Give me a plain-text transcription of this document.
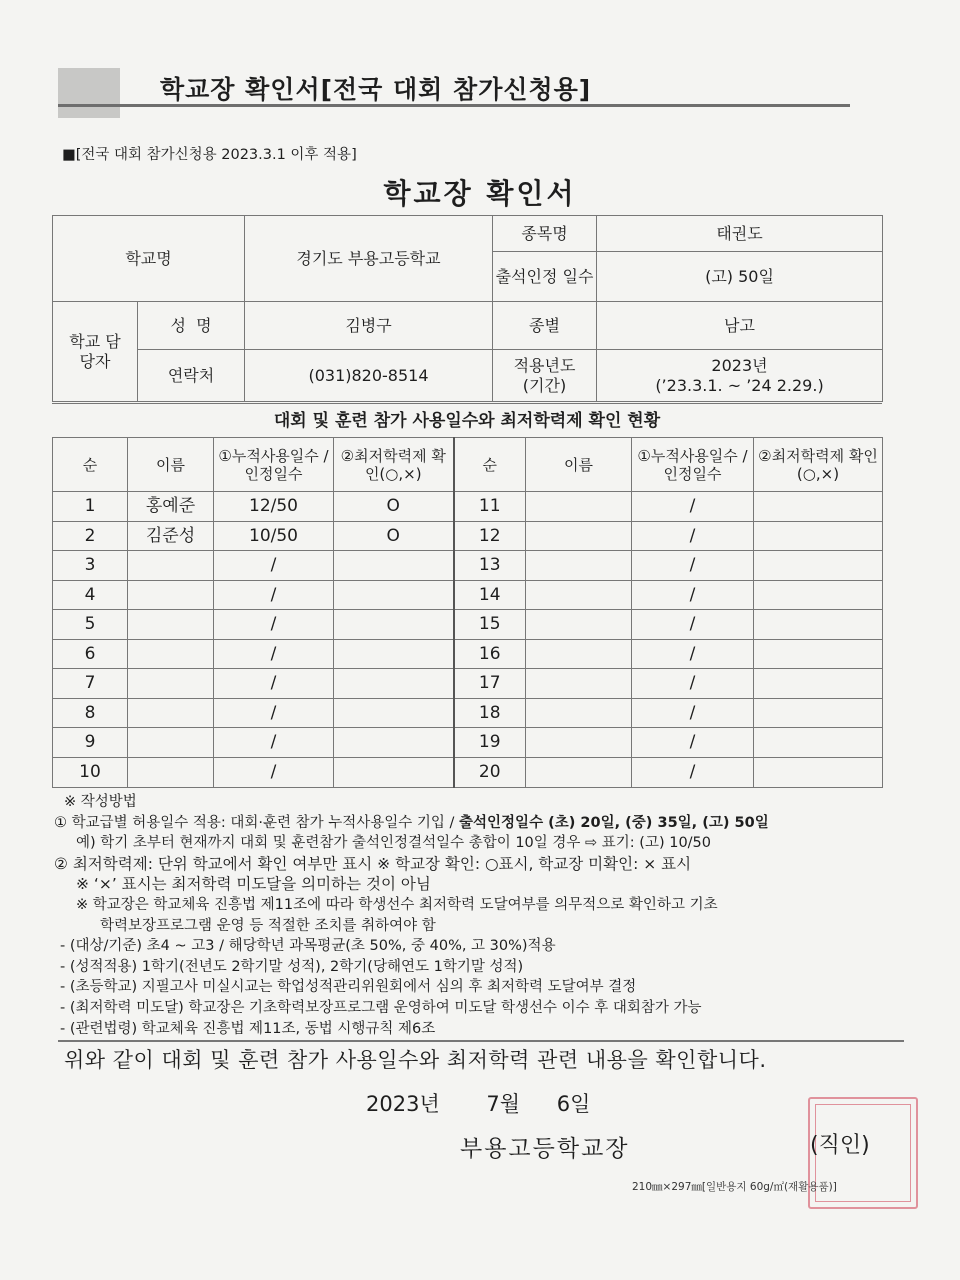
학교장 확인서[전국 대회 참가신청용]
■[전국 대회 참가신청용 2023.3.1 이후 적용]
학교장 확인서
학교명		경기도 부용고등학교	종목명	태권도
			출석인정 일수	(고) 50일
학교 담당자	성  명	김병구	종별	남고
	연락처	(031)820-8514	적용년도 (기간)	2023년
(’23.3.1. ~ ’24 2.29.)
대회 및 훈련 참가 사용일수와 최저학력제 확인 현황
순	이름	①누적사용일수 /인정일수	②최저학력제 확인(○,×)	순	이름	①누적사용일수 /인정일수	②최저학력제 확인(○,×)
1	홍예준	12/50	O	11		/	
2	김준성	10/50	O	12		/	
3		/		13		/	
4		/		14		/	
5		/		15		/	
6		/		16		/	
7		/		17		/	
8		/		18		/	
9		/		19		/	
10		/		20		/	
※ 작성방법
① 학교급별 허용일수 적용: 대회·훈련 참가 누적사용일수 기입 / 출석인정일수 (초) 20일, (중) 35일, (고) 50일
예) 학기 초부터 현재까지 대회 및 훈련참가 출석인정결석일수 총합이 10일 경우 ⇨ 표기: (고) 10/50
② 최저학력제: 단위 학교에서 확인 여부만 표시 ※ 학교장 확인: ○표시, 학교장 미확인: × 표시
※ ‘×’ 표시는 최저학력 미도달을 의미하는 것이 아님
※ 학교장은 학교체육 진흥법 제11조에 따라 학생선수 최저학력 도달여부를 의무적으로 확인하고 기초
학력보장프로그램 운영 등 적절한 조치를 취하여야 함
- (대상/기준) 초4 ~ 고3 / 해당학년 과목평균(초 50%, 중 40%, 고 30%)적용
- (성적적용) 1학기(전년도 2학기말 성적), 2학기(당해연도 1학기말 성적)
- (초등학교) 지필고사 미실시교는 학업성적관리위원회에서 심의 후 최저학력 도달여부 결정
- (최저학력 미도달) 학교장은 기초학력보장프로그램 운영하여 미도달 학생선수 이수 후 대회참가 가능
- (관련법령) 학교체육 진흥법 제11조, 동법 시행규칙 제6조
위와 같이 대회 및 훈련 참가 사용일수와 최저학력 관련 내용을 확인합니다.
2023년 7월 6일
부용고등학교장	(직인)
210㎜×297㎜[일반용지 60g/㎡(재활용품)]
